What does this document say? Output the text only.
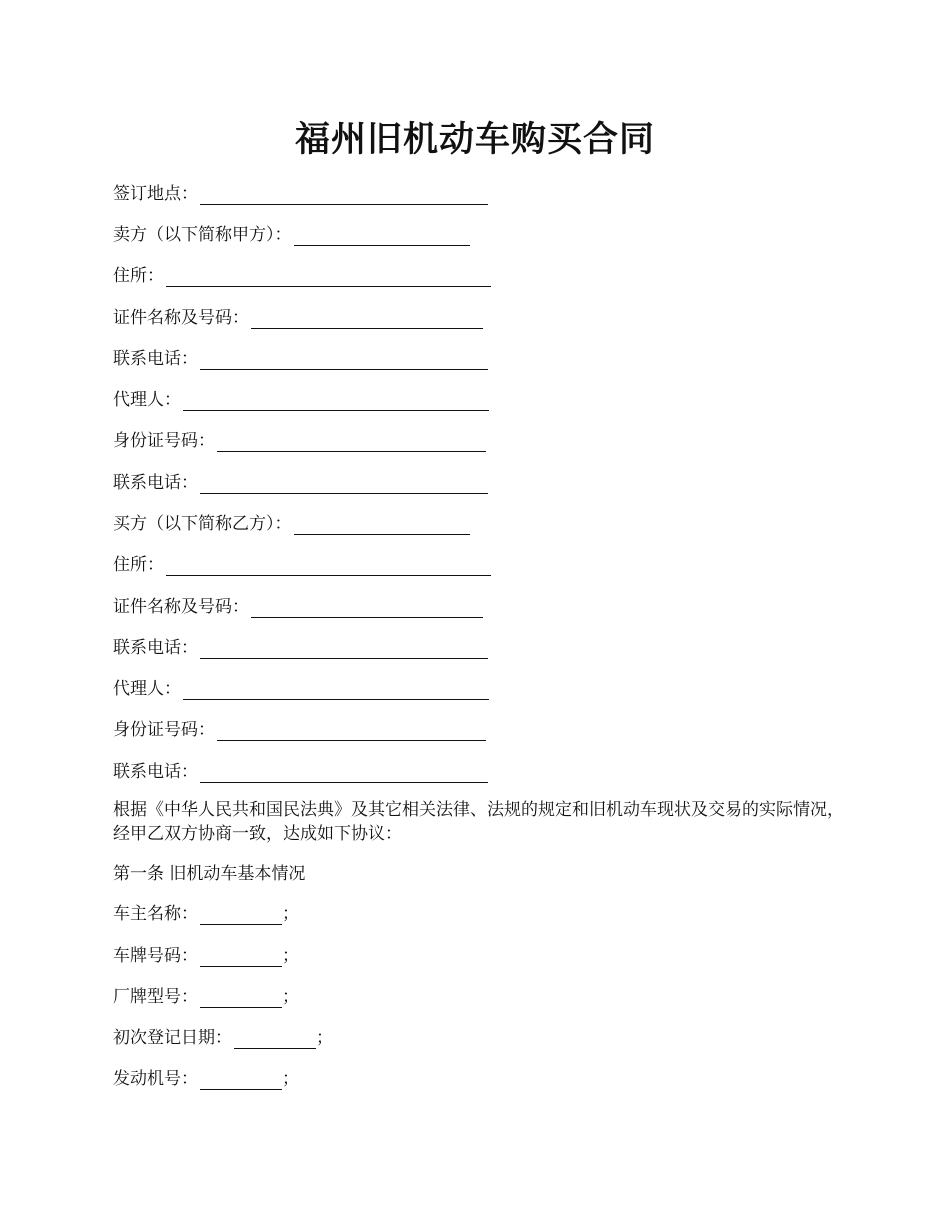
福州旧机动车购买合同
签订地点：
卖方（以下简称甲方）：
住所：
证件名称及号码：
联系电话：
代理人：
身份证号码：
联系电话：
买方（以下简称乙方）：
住所：
证件名称及号码：
联系电话：
代理人：
身份证号码：
联系电话：

根据《中华人民共和国民法典》及其它相关法律、法规的规定和旧机动车现状及交易的实际情况，经甲乙双方协商一致，达成如下协议：

第一条 旧机动车基本情况
车主名称：	；
车牌号码：	；
厂牌型号：	；
初次登记日期：	；
发动机号：	；
